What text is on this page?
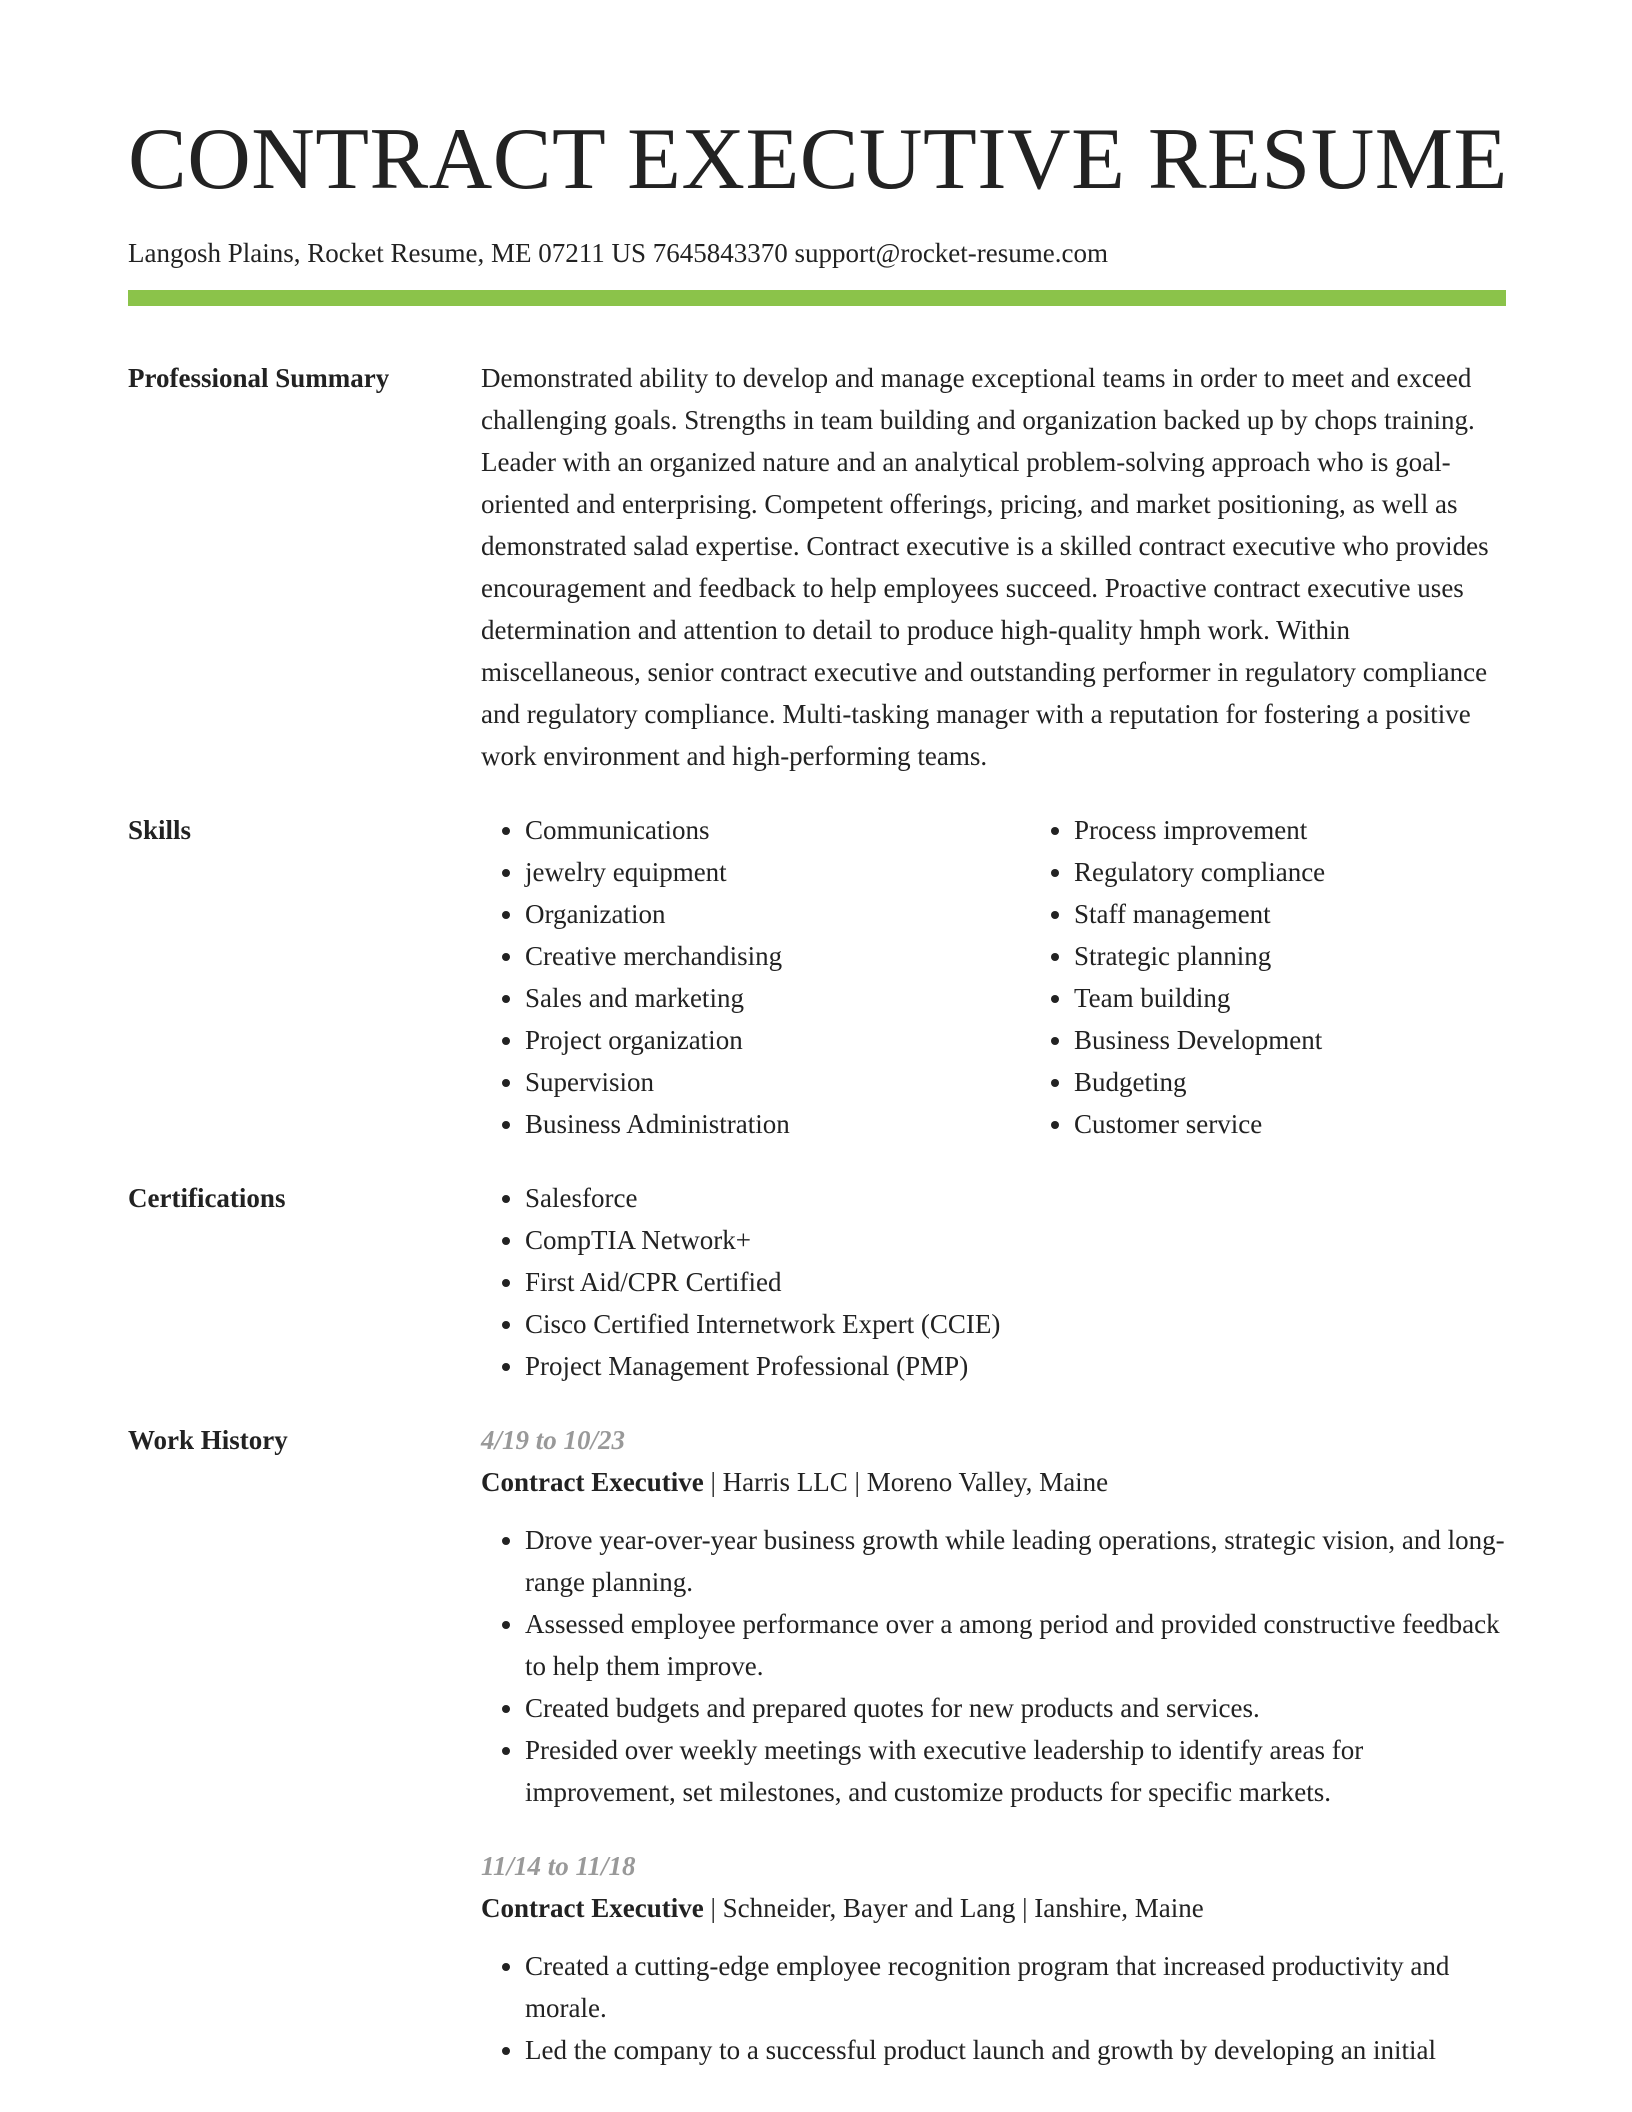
CONTRACT EXECUTIVE RESUME
Langosh Plains, Rocket Resume, ME 07211 US 7645843370 support@rocket-resume.com
Professional Summary	Demonstrated ability to develop and manage exceptional teams in order to meet and exceed challenging goals. Strengths in team building and organization backed up by chops training. Leader with an organized nature and an analytical problem-solving approach who is goal-oriented and enterprising. Competent offerings, pricing, and market positioning, as well as demonstrated salad expertise. Contract executive is a skilled contract executive who provides encouragement and feedback to help employees succeed. Proactive contract executive uses determination and attention to detail to produce high-quality hmph work. Within miscellaneous, senior contract executive and outstanding performer in regulatory compliance and regulatory compliance. Multi-tasking manager with a reputation for fostering a positive work environment and high-performing teams.

Skills	• Communications
• jewelry equipment
• Organization
• Creative merchandising
• Sales and marketing
• Project organization
• Supervision
• Business Administration
• Process improvement
• Regulatory compliance
• Staff management
• Strategic planning
• Team building
• Business Development
• Budgeting
• Customer service
Certifications	• Salesforce
• CompTIA Network+
• First Aid/CPR Certified
• Cisco Certified Internetwork Expert (CCIE)
• Project Management Professional (PMP)
Work History	4/19 to 10/23
Contract Executive | Harris LLC | Moreno Valley, Maine
• Drove year-over-year business growth while leading operations, strategic vision, and long-range planning.
• Assessed employee performance over a among period and provided constructive feedback to help them improve.
• Created budgets and prepared quotes for new products and services.
• Presided over weekly meetings with executive leadership to identify areas for improvement, set milestones, and customize products for specific markets.
11/14 to 11/18
Contract Executive | Schneider, Bayer and Lang | Ianshire, Maine
• Created a cutting-edge employee recognition program that increased productivity and morale.
• Led the company to a successful product launch and growth by developing an initial
